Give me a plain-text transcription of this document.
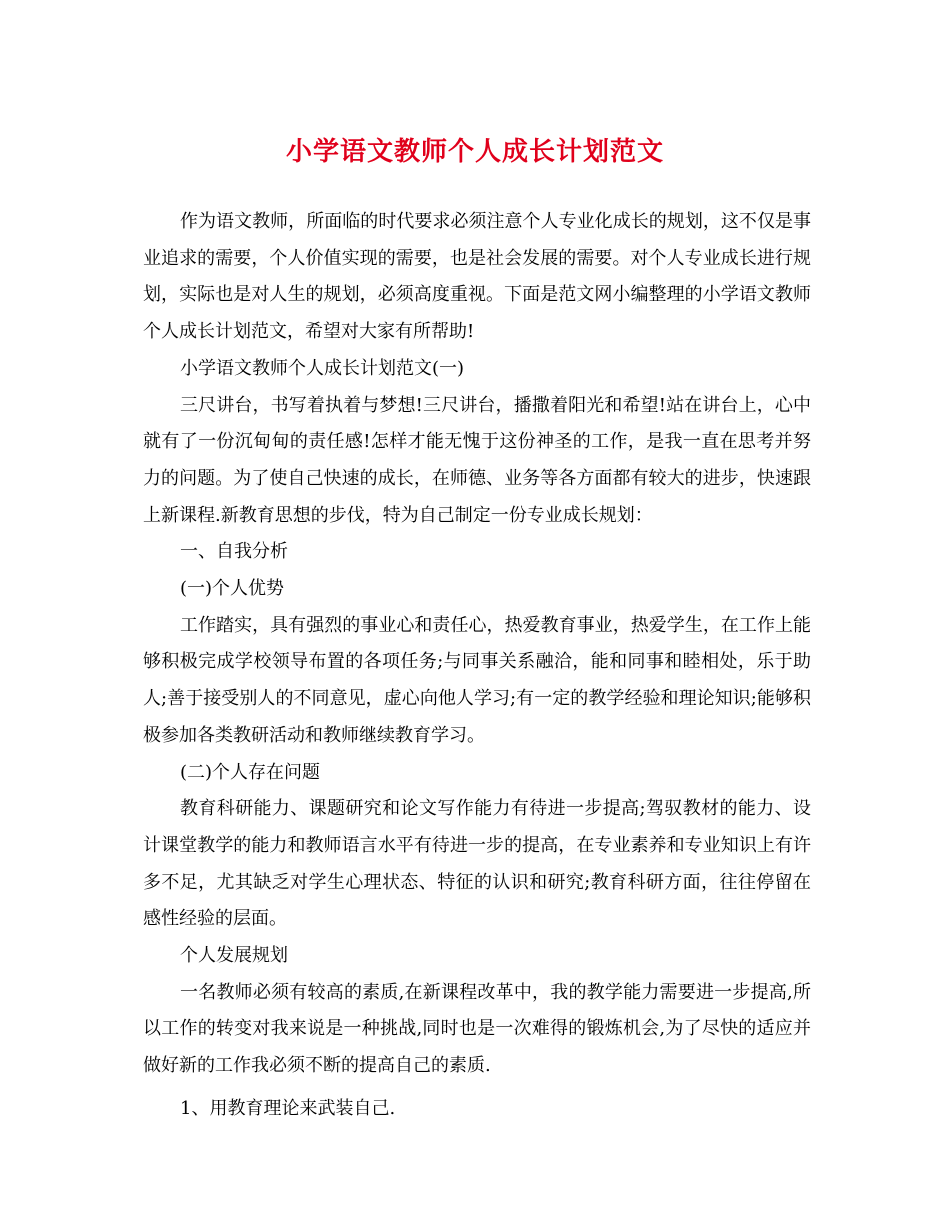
小学语文教师个人成长计划范文

作为语文教师，所面临的时代要求必须注意个人专业化成长的规划，这不仅是事业追求的需要，个人价值实现的需要，也是社会发展的需要。对个人专业成长进行规划，实际也是对人生的规划，必须高度重视。下面是范文网小编整理的小学语文教师个人成长计划范文，希望对大家有所帮助!

小学语文教师个人成长计划范文(一)

三尺讲台，书写着执着与梦想!三尺讲台，播撒着阳光和希望!站在讲台上，心中就有了一份沉甸甸的责任感!怎样才能无愧于这份神圣的工作，是我一直在思考并努力的问题。为了使自己快速的成长，在师德、业务等各方面都有较大的进步，快速跟上新课程.新教育思想的步伐，特为自己制定一份专业成长规划：

一、自我分析

(一)个人优势

工作踏实，具有强烈的事业心和责任心，热爱教育事业，热爱学生，在工作上能够积极完成学校领导布置的各项任务;与同事关系融洽，能和同事和睦相处，乐于助人;善于接受别人的不同意见，虚心向他人学习;有一定的教学经验和理论知识;能够积极参加各类教研活动和教师继续教育学习。

(二)个人存在问题

教育科研能力、课题研究和论文写作能力有待进一步提高;驾驭教材的能力、设计课堂教学的能力和教师语言水平有待进一步的提高，在专业素养和专业知识上有许多不足，尤其缺乏对学生心理状态、特征的认识和研究;教育科研方面，往往停留在感性经验的层面。

个人发展规划

一名教师必须有较高的素质,在新课程改革中，我的教学能力需要进一步提高,所以工作的转变对我来说是一种挑战,同时也是一次难得的锻炼机会,为了尽快的适应并做好新的工作我必须不断的提高自己的素质.

1、用教育理论来武装自己.
